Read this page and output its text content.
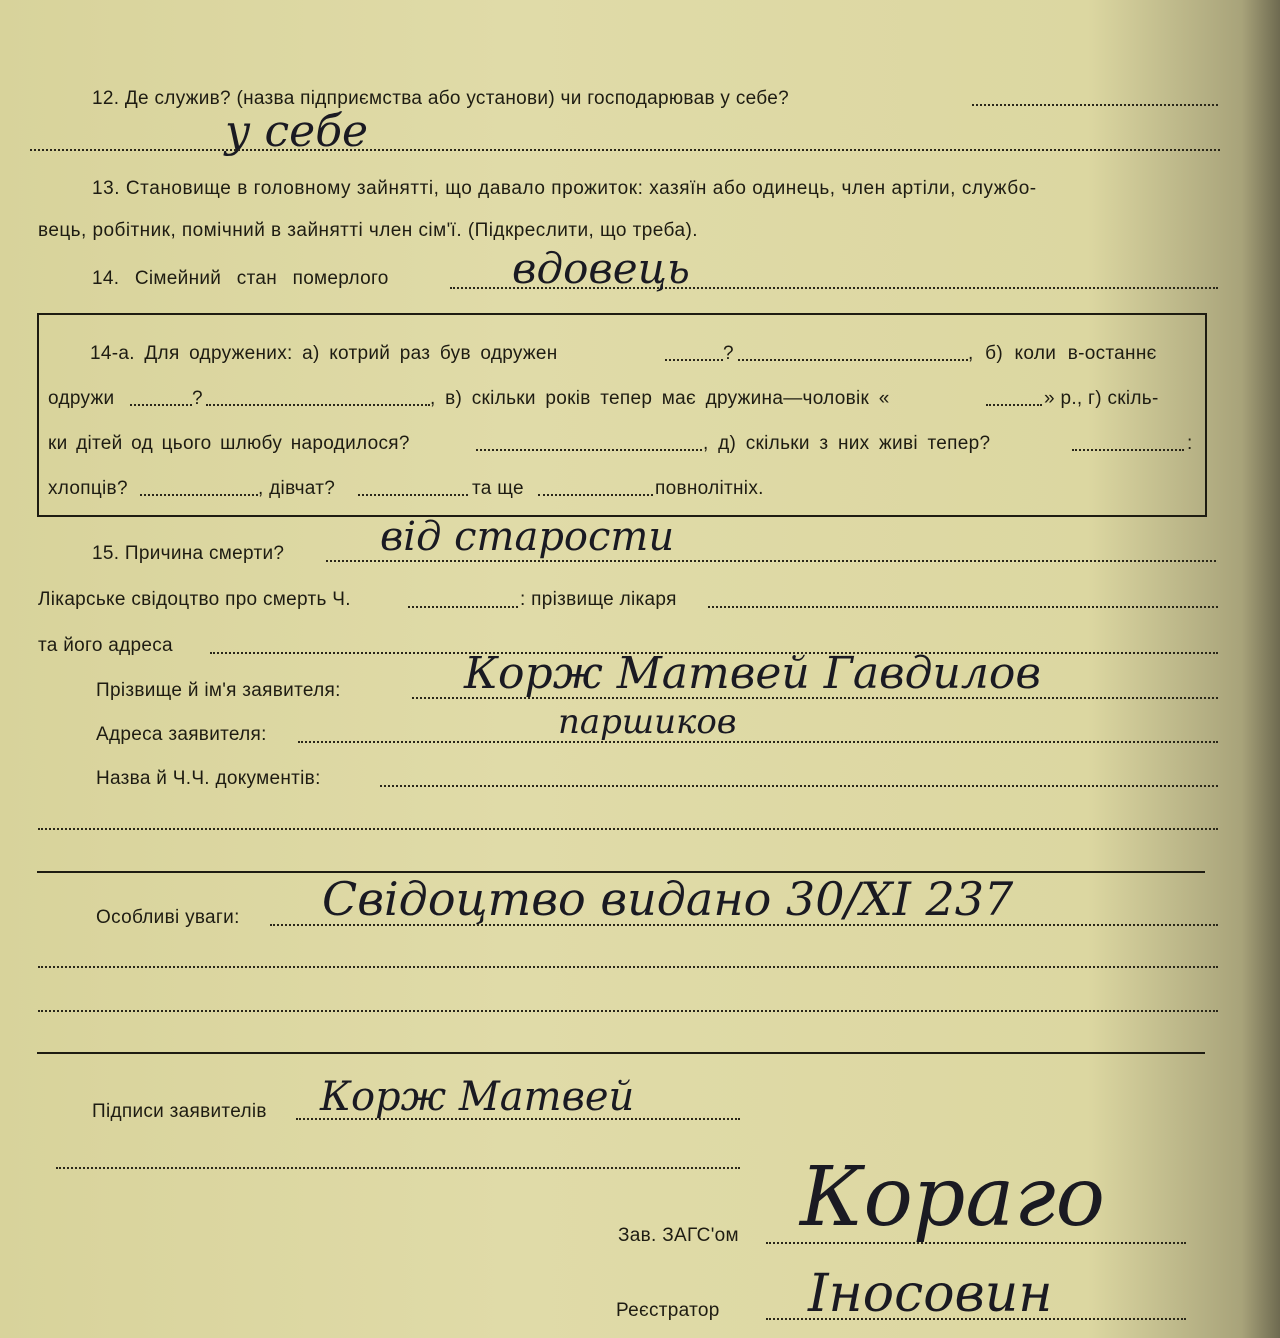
12. Де служив? (назва підприємства або установи) чи господарював у себе?
у себе
13. Становище в головному зайнятті, що давало прожиток: хазяїн або одинець, член артіли, службо-
вець, робітник, помічний в зайнятті член сім'ї. (Підкреслити, що треба).
14. Сімейний стан померлого	вдовець
14-а. Для одружених: а) котрий раз був одружен	?	, б) коли в-останнє
одружи	?	, в) скільки років тепер має дружина—чоловік «	» р., г) скіль-
ки дітей од цього шлюбу народилося?	, д) скільки з них живі тепер?	:
хлопців?	, дівчат?	та ще	повнолітніх.
15. Причина смерти? від старости
Лікарське свідоцтво про смерть Ч.	: прізвище лікаря
та його адреса
Прізвище й ім'я заявителя:	Корж Матвей Гавдилов
Адреса заявителя:	паршиков
Назва й Ч.Ч. документів:
Особливі уваги: Свідоцтво видано 30/XI 237
Підписи заявителів Корж Матвей
Зав. ЗАГС'ом Кораго
Реєстратор Іносовин
